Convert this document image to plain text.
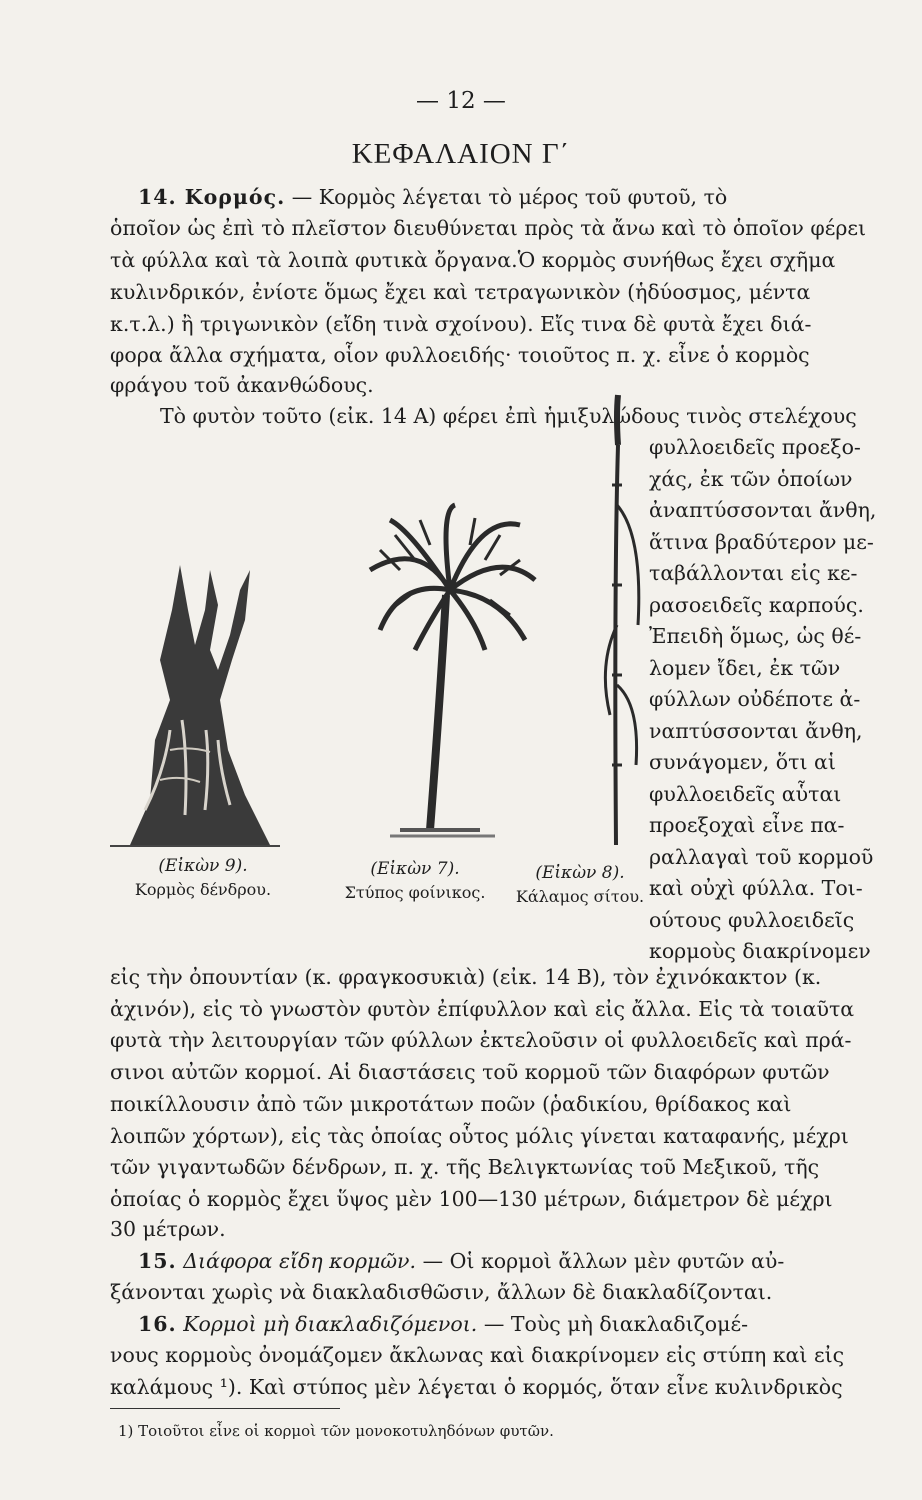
— 12 —
ΚΕΦΑΛΑΙΟΝ Γ΄
14. Κορμός. — Κορμὸς λέγεται τὸ μέρος τοῦ φυτοῦ, τὸ
ὁποῖον ὡς ἐπὶ τὸ πλεῖστον διευθύνεται πρὸς τὰ ἄνω καὶ τὸ ὁποῖον φέρει
τὰ φύλλα καὶ τὰ λοιπὰ φυτικὰ ὄργανα.Ὁ κορμὸς συνήθως ἔχει σχῆμα
κυλινδρικόν, ἐνίοτε ὅμως ἔχει καὶ τετραγωνικὸν (ἡδύοσμος, μέντα
κ.τ.λ.) ἢ τριγωνικὸν (εἴδη τινὰ σχοίνου). Εἴς τινα δὲ φυτὰ ἔχει διά-
φορα ἄλλα σχήματα, οἷον φυλλοειδής· τοιοῦτος π. χ. εἶνε ὁ κορμὸς
φράγου τοῦ ἀκανθώδους.
Τὸ φυτὸν τοῦτο (εἰκ. 14 Α) φέρει ἐπὶ ἡμιξυλώδους τινὸς στελέχους
φυλλοειδεῖς προεξο-
χάς, ἐκ τῶν ὁποίων
ἀναπτύσσονται ἄνθη,
ἅτινα βραδύτερον με-
ταβάλλονται εἰς κε-
ρασοειδεῖς καρπούς.
Ἐπειδὴ ὅμως, ὡς θέ-
λομεν ἴδει, ἐκ τῶν
φύλλων οὐδέποτε ἀ-
ναπτύσσονται ἄνθη,
συνάγομεν, ὅτι αἱ
φυλλοειδεῖς αὗται
προεξοχαὶ εἶνε πα-
ραλλαγαὶ τοῦ κορμοῦ
καὶ οὐχὶ φύλλα. Τοι-
ούτους φυλλοειδεῖς
κορμοὺς διακρίνομεν
(Εἰκὼν 9).
Κορμὸς δένδρου.
(Εἰκὼν 7).
Στύπος φοίνικος.
(Εἰκὼν 8).
Κάλαμος σίτου.
εἰς τὴν ὀπουντίαν (κ. φραγκοσυκιὰ) (εἰκ. 14 Β), τὸν ἐχινόκακτον (κ.
ἀχινόν), εἰς τὸ γνωστὸν φυτὸν ἐπίφυλλον καὶ εἰς ἄλλα. Εἰς τὰ τοιαῦτα
φυτὰ τὴν λειτουργίαν τῶν φύλλων ἐκτελοῦσιν οἱ φυλλοειδεῖς καὶ πρά-
σινοι αὐτῶν κορμοί. Αἱ διαστάσεις τοῦ κορμοῦ τῶν διαφόρων φυτῶν
ποικίλλουσιν ἀπὸ τῶν μικροτάτων ποῶν (ῥαδικίου, θρίδακος καὶ
λοιπῶν χόρτων), εἰς τὰς ὁποίας οὗτος μόλις γίνεται καταφανής, μέχρι
τῶν γιγαντωδῶν δένδρων, π. χ. τῆς Βελιγκτωνίας τοῦ Μεξικοῦ, τῆς
ὁποίας ὁ κορμὸς ἔχει ὕψος μὲν 100—130 μέτρων, διάμετρον δὲ μέχρι
30 μέτρων.
15. Διάφορα εἴδη κορμῶν. — Οἱ κορμοὶ ἄλλων μὲν φυτῶν αὐ-
ξάνονται χωρὶς νὰ διακλαδισθῶσιν, ἄλλων δὲ διακλαδίζονται.
16. Κορμοὶ μὴ διακλαδιζόμενοι. — Τοὺς μὴ διακλαδιζομέ-
νους κορμοὺς ὀνομάζομεν ἄκλωνας καὶ διακρίνομεν εἰς στύπη καὶ εἰς
καλάμους ¹). Καὶ στύπος μὲν λέγεται ὁ κορμός, ὅταν εἶνε κυλινδρικὸς
1) Τοιοῦτοι εἶνε οἱ κορμοὶ τῶν μονοκοτυληδόνων φυτῶν.
